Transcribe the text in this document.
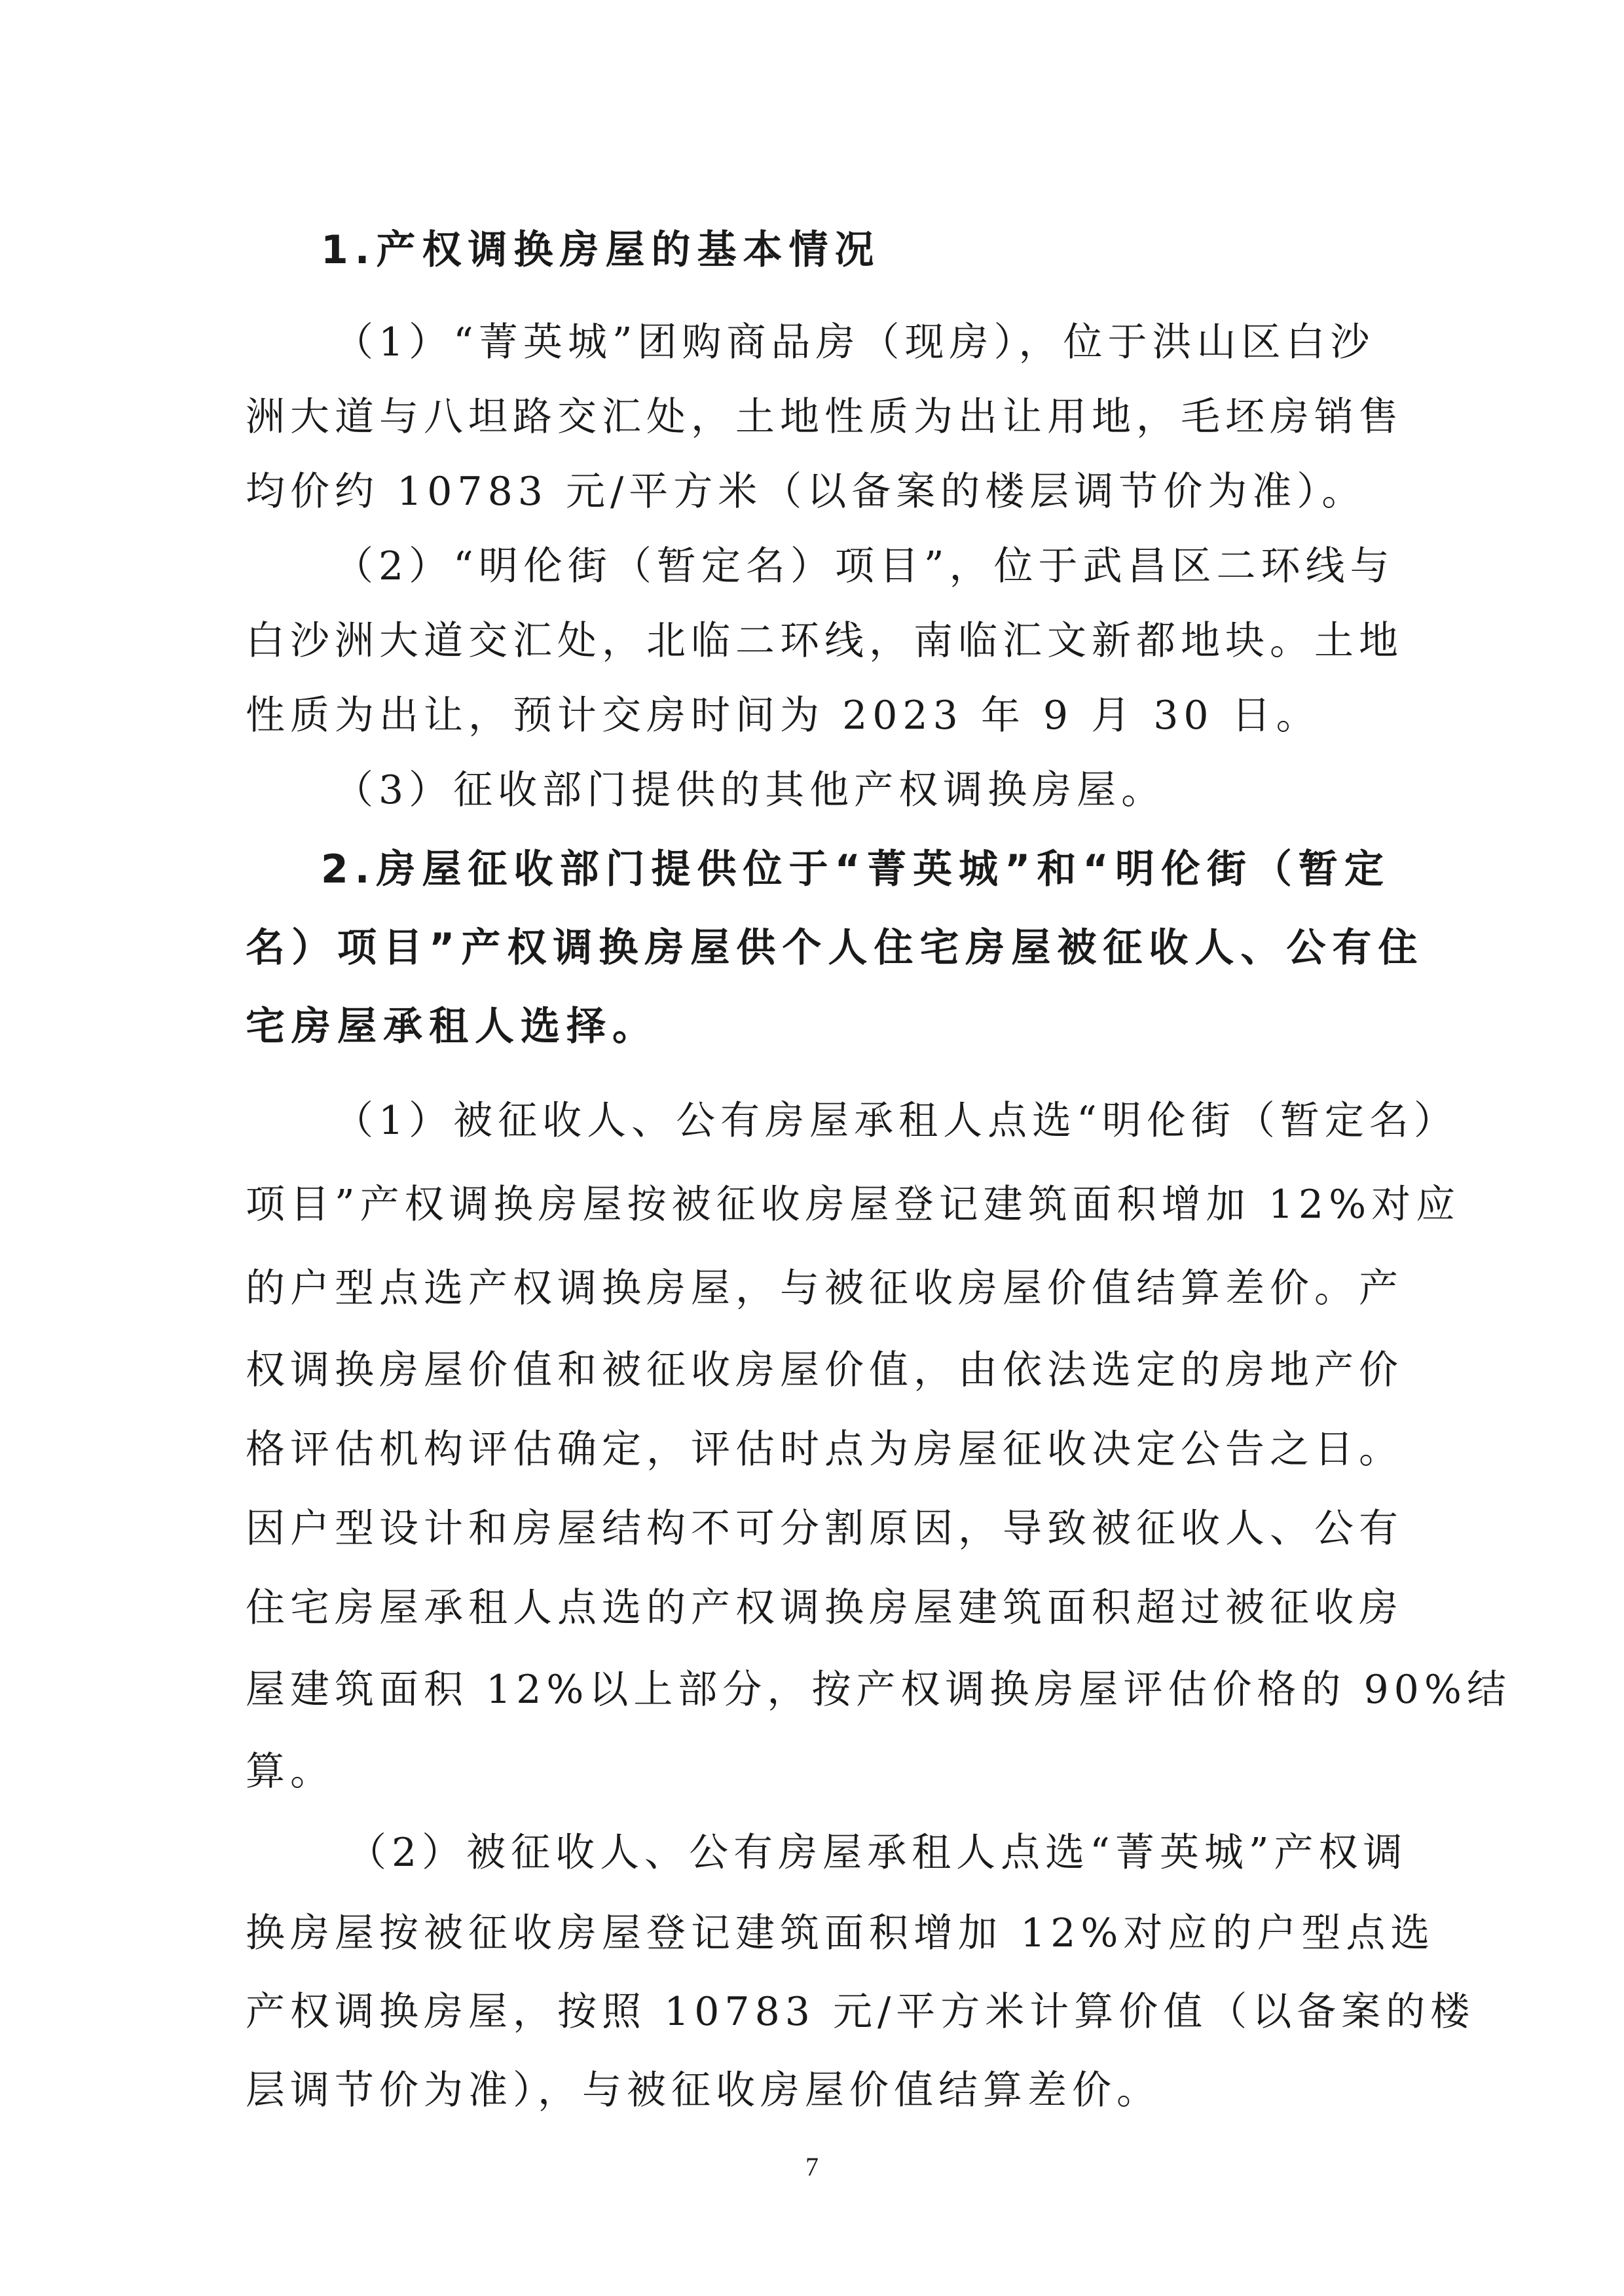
1.产权调换房屋的基本情况

（1）“菁英城”团购商品房（现房），位于洪山区白沙

洲大道与八坦路交汇处，土地性质为出让用地，毛坯房销售

均价约 10783 元/平方米（以备案的楼层调节价为准）。

（2）“明伦街（暂定名）项目”，位于武昌区二环线与

白沙洲大道交汇处，北临二环线，南临汇文新都地块。土地

性质为出让，预计交房时间为 2023 年 9 月 30 日。

（3）征收部门提供的其他产权调换房屋。

2.房屋征收部门提供位于“菁英城”和“明伦街（暂定

名）项目”产权调换房屋供个人住宅房屋被征收人、公有住

宅房屋承租人选择。

（1）被征收人、公有房屋承租人点选“明伦街（暂定名）

项目”产权调换房屋按被征收房屋登记建筑面积增加 12%对应

的户型点选产权调换房屋，与被征收房屋价值结算差价。产

权调换房屋价值和被征收房屋价值，由依法选定的房地产价

格评估机构评估确定，评估时点为房屋征收决定公告之日。

因户型设计和房屋结构不可分割原因，导致被征收人、公有

住宅房屋承租人点选的产权调换房屋建筑面积超过被征收房

屋建筑面积 12%以上部分，按产权调换房屋评估价格的 90%结

算。

（2）被征收人、公有房屋承租人点选“菁英城”产权调

换房屋按被征收房屋登记建筑面积增加 12%对应的户型点选

产权调换房屋，按照 10783 元/平方米计算价值（以备案的楼

层调节价为准），与被征收房屋价值结算差价。

7
